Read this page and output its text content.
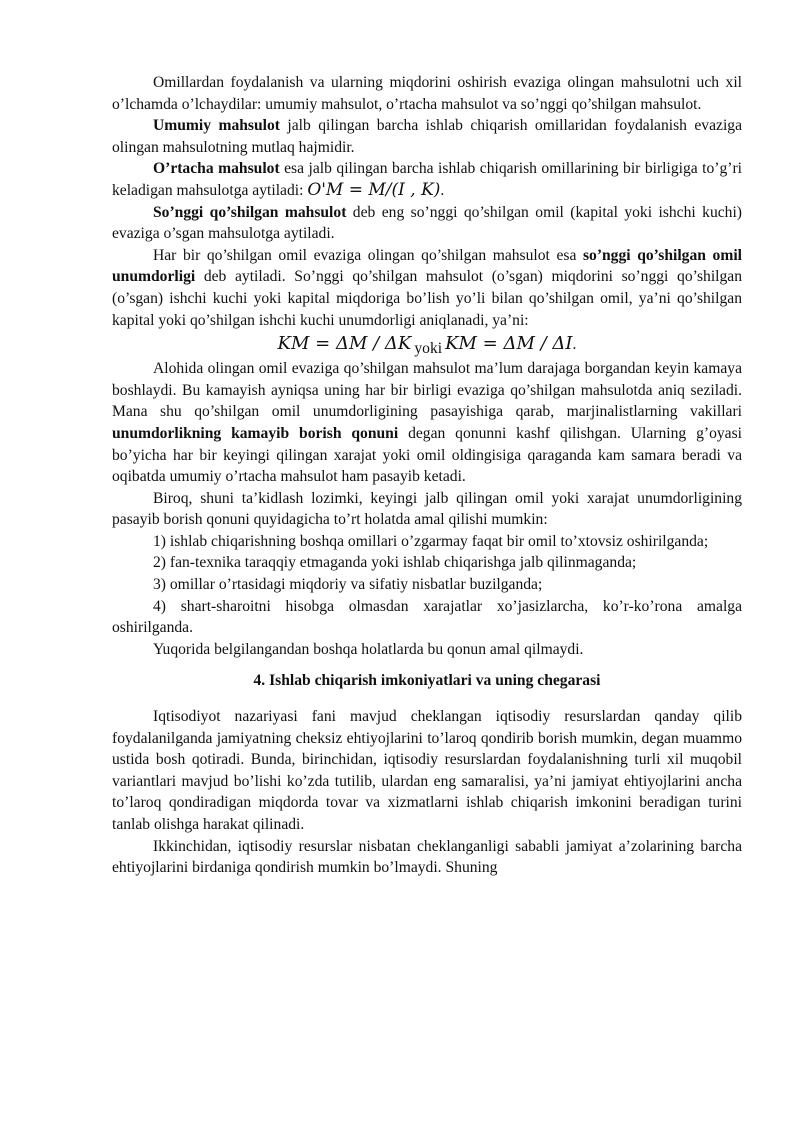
Omillardan foydalanish va ularning miqdorini oshirish evaziga olingan mahsulotni uch xil o’lchamda o’lchaydilar: umumiy mahsulot, o’rtacha mahsulot va so’nggi qo’shilgan mahsulot.

Umumiy mahsulot jalb qilingan barcha ishlab chiqarish omillaridan foydalanish evaziga olingan mahsulotning mutlaq hajmidir.

O’rtacha mahsulot esa jalb qilingan barcha ishlab chiqarish omillarining bir birligiga to’g’ri keladigan mahsulotga aytiladi: O'M = M/(I , K).

So’nggi qo’shilgan mahsulot deb eng so’nggi qo’shilgan omil (kapital yoki ishchi kuchi) evaziga o’sgan mahsulotga aytiladi.

Har bir qo’shilgan omil evaziga olingan qo’shilgan mahsulot esa so’nggi qo’shilgan omil unumdorligi deb aytiladi. So’nggi qo’shilgan mahsulot (o’sgan) miqdorini so’nggi qo’shilgan (o’sgan) ishchi kuchi yoki kapital miqdoriga bo’lish yo’li bilan qo’shilgan omil, ya’ni qo’shilgan kapital yoki qo’shilgan ishchi kuchi unumdorligi aniqlanadi, ya’ni:

KM = ΔM / ΔK yoki KM = ΔM / ΔI.

Alohida olingan omil evaziga qo’shilgan mahsulot ma’lum darajaga borgandan keyin kamaya boshlaydi. Bu kamayish ayniqsa uning har bir birligi evaziga qo’shilgan mahsulotda aniq seziladi. Mana shu qo’shilgan omil unumdorligining pasayishiga qarab, marjinalistlarning vakillari unumdorlikning kamayib borish qonuni degan qonunni kashf qilishgan. Ularning g’oyasi bo’yicha har bir keyingi qilingan xarajat yoki omil oldingisiga qaraganda kam samara beradi va oqibatda umumiy o’rtacha mahsulot ham pasayib ketadi.

Biroq, shuni ta’kidlash lozimki, keyingi jalb qilingan omil yoki xarajat unumdorligining pasayib borish qonuni quyidagicha to’rt holatda amal qilishi mumkin:

1) ishlab chiqarishning boshqa omillari o’zgarmay faqat bir omil to’xtovsiz oshirilganda;

2) fan-texnika taraqqiy etmaganda yoki ishlab chiqarishga jalb qilinmaganda;

3) omillar o’rtasidagi miqdoriy va sifatiy nisbatlar buzilganda;

4) shart-sharoitni hisobga olmasdan xarajatlar xo’jasizlarcha, ko’r-ko’rona amalga oshirilganda.

Yuqorida belgilangandan boshqa holatlarda bu qonun amal qilmaydi.

4. Ishlab chiqarish imkoniyatlari va uning chegarasi

Iqtisodiyot nazariyasi fani mavjud cheklangan iqtisodiy resurslardan qanday qilib foydalanilganda jamiyatning cheksiz ehtiyojlarini to’laroq qondirib borish mumkin, degan muammo ustida bosh qotiradi. Bunda, birinchidan, iqtisodiy resurslardan foydalanishning turli xil muqobil variantlari mavjud bo’lishi ko’zda tutilib, ulardan eng samaralisi, ya’ni jamiyat ehtiyojlarini ancha to’laroq qondiradigan miqdorda tovar va xizmatlarni ishlab chiqarish imkonini beradigan turini tanlab olishga harakat qilinadi.

Ikkinchidan, iqtisodiy resurslar nisbatan cheklanganligi sababli jamiyat a’zolarining barcha ehtiyojlarini birdaniga qondirish mumkin bo’lmaydi. Shuning
